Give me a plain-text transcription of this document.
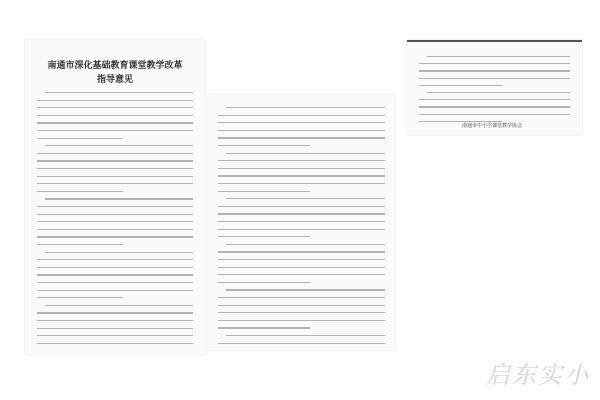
南通市深化基础教育课堂教学改革
指导意见
南通市中小学课堂教学协会
启东实小
